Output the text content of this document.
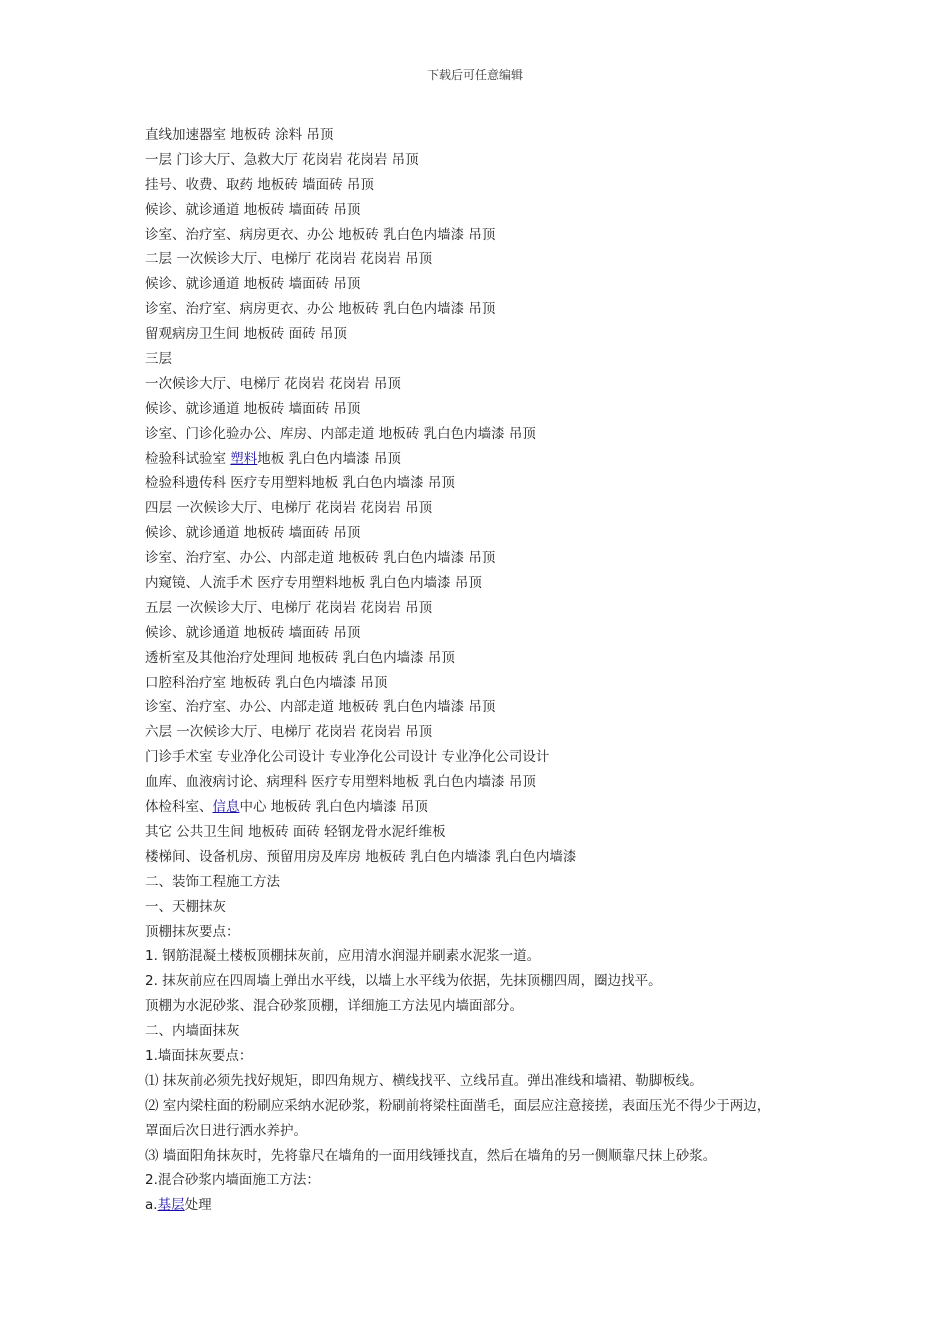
下载后可任意编辑
直线加速器室 地板砖 涂料 吊顶
一层 门诊大厅、急救大厅 花岗岩 花岗岩 吊顶
挂号、收费、取药 地板砖 墙面砖 吊顶
候诊、就诊通道 地板砖 墙面砖 吊顶
诊室、治疗室、病房更衣、办公 地板砖 乳白色内墙漆 吊顶
二层 一次候诊大厅、电梯厅 花岗岩 花岗岩 吊顶
候诊、就诊通道 地板砖 墙面砖 吊顶
诊室、治疗室、病房更衣、办公 地板砖 乳白色内墙漆 吊顶
留观病房卫生间 地板砖 面砖 吊顶
三层
一次候诊大厅、电梯厅 花岗岩 花岗岩 吊顶
候诊、就诊通道 地板砖 墙面砖 吊顶
诊室、门诊化验办公、库房、内部走道 地板砖 乳白色内墙漆 吊顶
检验科试验室 塑料地板 乳白色内墙漆 吊顶
检验科遗传科 医疗专用塑料地板 乳白色内墙漆 吊顶
四层 一次候诊大厅、电梯厅 花岗岩 花岗岩 吊顶
候诊、就诊通道 地板砖 墙面砖 吊顶
诊室、治疗室、办公、内部走道 地板砖 乳白色内墙漆 吊顶
内窥镜、人流手术 医疗专用塑料地板 乳白色内墙漆 吊顶
五层 一次候诊大厅、电梯厅 花岗岩 花岗岩 吊顶
候诊、就诊通道 地板砖 墙面砖 吊顶
透析室及其他治疗处理间 地板砖 乳白色内墙漆 吊顶
口腔科治疗室 地板砖 乳白色内墙漆 吊顶
诊室、治疗室、办公、内部走道 地板砖 乳白色内墙漆 吊顶
六层 一次候诊大厅、电梯厅 花岗岩 花岗岩 吊顶
门诊手术室 专业净化公司设计 专业净化公司设计 专业净化公司设计
血库、血液病讨论、病理科 医疗专用塑料地板 乳白色内墙漆 吊顶
体检科室、信息中心 地板砖 乳白色内墙漆 吊顶
其它 公共卫生间 地板砖 面砖 轻钢龙骨水泥纤维板
楼梯间、设备机房、预留用房及库房 地板砖 乳白色内墙漆 乳白色内墙漆
二、装饰工程施工方法
一、天棚抹灰
顶棚抹灰要点：
1. 钢筋混凝土楼板顶棚抹灰前，应用清水润湿并刷素水泥浆一道。
2. 抹灰前应在四周墙上弹出水平线，以墙上水平线为依据，先抹顶棚四周，圈边找平。
顶棚为水泥砂浆、混合砂浆顶棚，详细施工方法见内墙面部分。
二、内墙面抹灰
1.墙面抹灰要点：
⑴ 抹灰前必须先找好规矩，即四角规方、横线找平、立线吊直。弹出准线和墙裙、勒脚板线。
⑵ 室内梁柱面的粉刷应采纳水泥砂浆，粉刷前将梁柱面凿毛，面层应注意接搓，表面压光不得少于两边，
罩面后次日进行洒水养护。
⑶ 墙面阳角抹灰时，先将靠尺在墙角的一面用线锤找直，然后在墙角的另一侧顺靠尺抹上砂浆。
2.混合砂浆内墙面施工方法：
a.基层处理
